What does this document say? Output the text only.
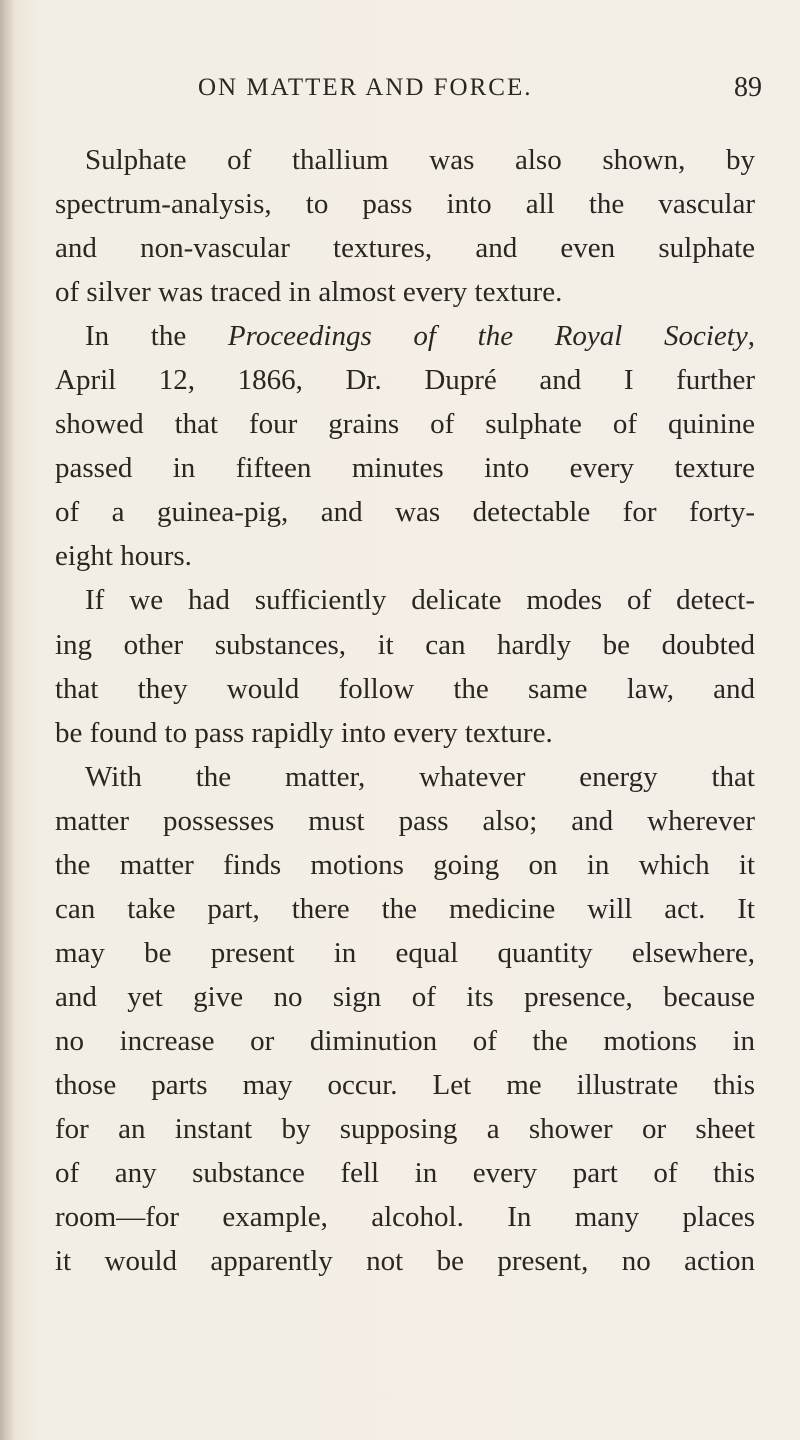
ON MATTER AND FORCE.	89
Sulphate of thallium was also shown, by
spectrum-analysis, to pass into all the vascular
and non-vascular textures, and even sulphate
of silver was traced in almost every texture.
In the Proceedings of the Royal Society,
April 12, 1866, Dr. Dupré and I further
showed that four grains of sulphate of quinine
passed in fifteen minutes into every texture
of a guinea-pig, and was detectable for forty-
eight hours.
If we had sufficiently delicate modes of detect-
ing other substances, it can hardly be doubted
that they would follow the same law, and
be found to pass rapidly into every texture.
With the matter, whatever energy that
matter possesses must pass also; and wherever
the matter finds motions going on in which it
can take part, there the medicine will act. It
may be present in equal quantity elsewhere,
and yet give no sign of its presence, because
no increase or diminution of the motions in
those parts may occur. Let me illustrate this
for an instant by supposing a shower or sheet
of any substance fell in every part of this
room—for example, alcohol. In many places
it would apparently not be present, no action
